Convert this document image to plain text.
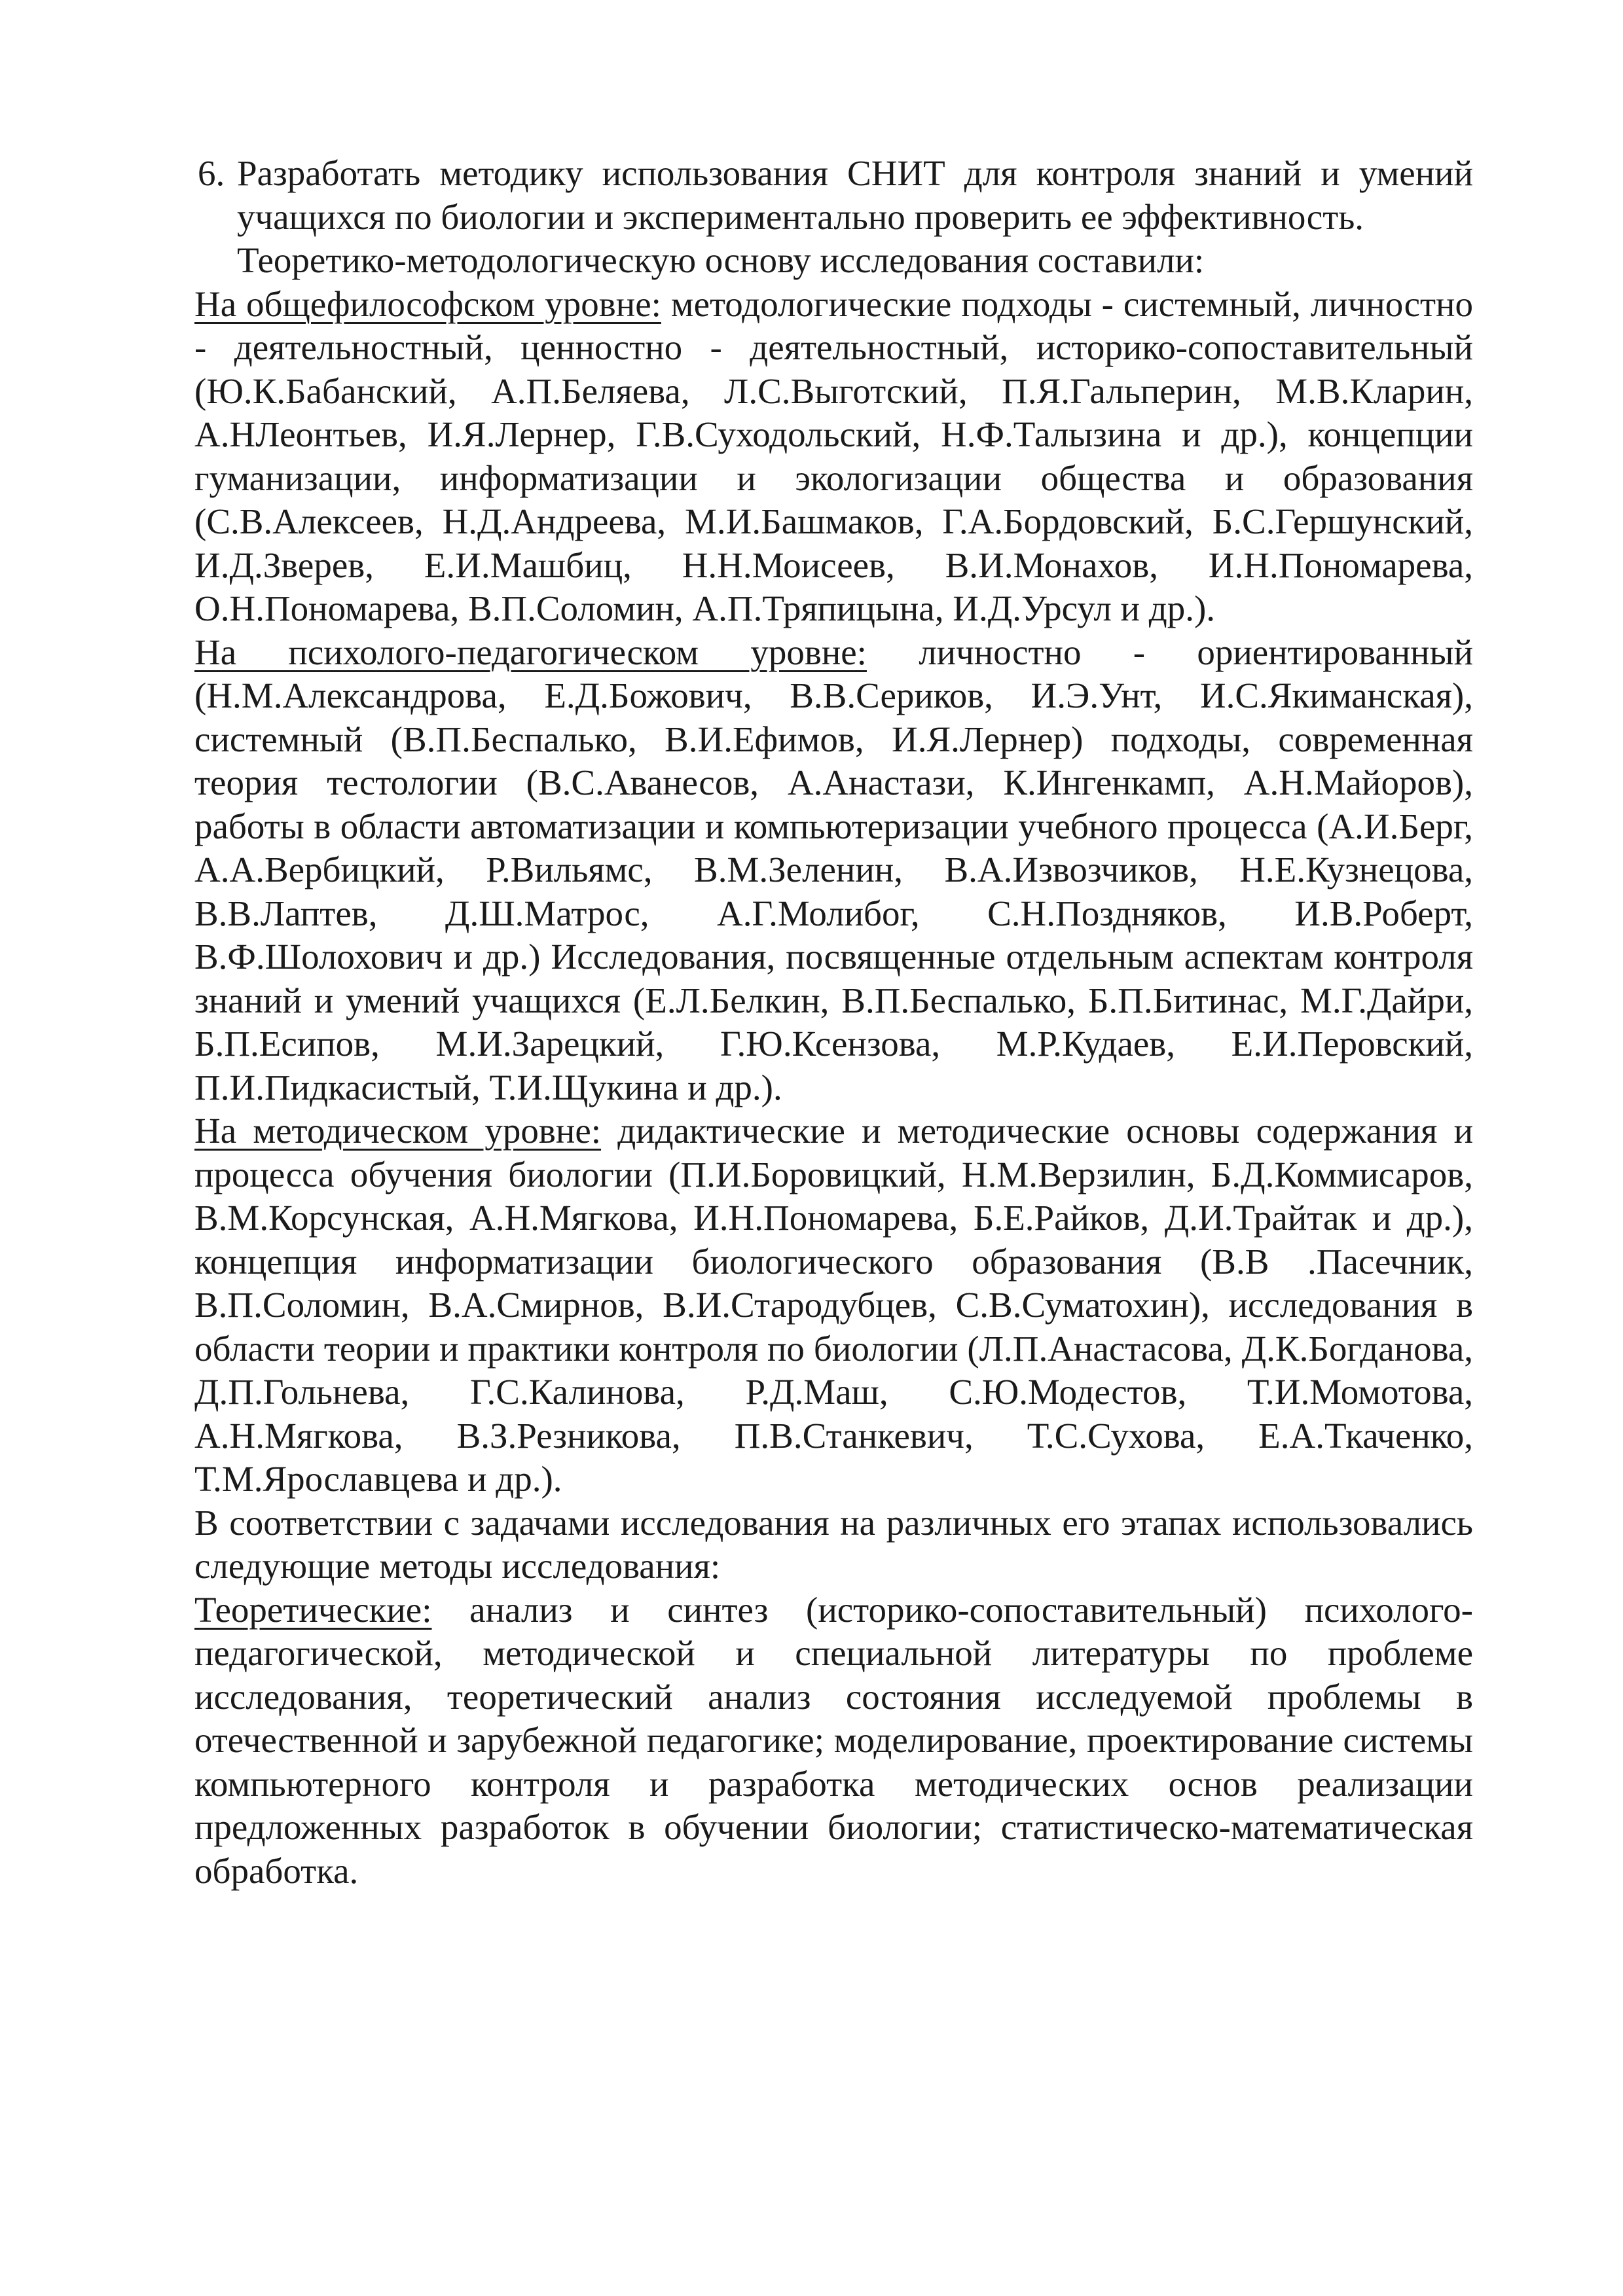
6. Разработать методику использования СНИТ для контроля знаний и умений учащихся по биологии и экспериментально проверить ее эффективность.

Теоретико-методологическую основу исследования составили:

На общефилософском уровне: методологические подходы - системный, личностно - деятельностный, ценностно - деятельностный, историко-сопоставительный (Ю.К.Бабанский, А.П.Беляева, Л.С.Выготский, П.Я.Гальперин, М.В.Кларин, А.НЛеонтьев, И.Я.Лернер, Г.В.Суходольский, Н.Ф.Талызина и др.), концепции гуманизации, информатизации и экологизации общества и образования (С.В.Алексеев, Н.Д.Андреева, М.И.Башмаков, Г.А.Бордовский, Б.С.Гершунский, И.Д.Зверев, Е.И.Машбиц, Н.Н.Моисеев, В.И.Монахов, И.Н.Пономарева, О.Н.Пономарева, В.П.Соломин, А.П.Тряпицына, И.Д.Урсул и др.).

На психолого-педагогическом уровне: личностно - ориентированный (Н.М.Александрова, Е.Д.Божович, В.В.Сериков, И.Э.Унт, И.С.Якиманская), системный (В.П.Беспалько, В.И.Ефимов, И.Я.Лернер) подходы, современная теория тестологии (В.С.Аванесов, А.Анастази, К.Ингенкамп, А.Н.Майоров), работы в области автоматизации и компьютеризации учебного процесса (А.И.Берг, А.А.Вербицкий, Р.Вильямс, В.М.Зеленин, В.А.Извозчиков, Н.Е.Кузнецова, В.В.Лаптев, Д.Ш.Матрос, А.Г.Молибог, С.Н.Поздняков, И.В.Роберт, В.Ф.Шолохович и др.) Исследования, посвященные отдельным аспектам контроля знаний и умений учащихся (Е.Л.Белкин, В.П.Беспалько, Б.П.Битинас, М.Г.Дайри, Б.П.Есипов, М.И.Зарецкий, Г.Ю.Ксензова, М.Р.Кудаев, Е.И.Перовский, П.И.Пидкасистый, Т.И.Щукина и др.).

На методическом уровне: дидактические и методические основы содержания и процесса обучения биологии (П.И.Боровицкий, Н.М.Верзилин, Б.Д.Коммисаров, В.М.Корсунская, А.Н.Мягкова, И.Н.Пономарева, Б.Е.Райков, Д.И.Трайтак и др.), концепция информатизации биологического образования (В.В .Пасечник, В.П.Соломин, В.А.Смирнов, В.И.Стародубцев, С.В.Суматохин), исследования в области теории и практики контроля по биологии (Л.П.Анастасова, Д.К.Богданова, Д.П.Гольнева, Г.С.Калинова, Р.Д.Маш, С.Ю.Модестов, Т.И.Момотова, А.Н.Мягкова, В.З.Резникова, П.В.Станкевич, Т.С.Сухова, Е.А.Ткаченко, Т.М.Ярославцева и др.).

В соответствии с задачами исследования на различных его этапах использовались следующие методы исследования:

Теоретические: анализ и синтез (историко-сопоставительный) психолого-педагогической, методической и специальной литературы по проблеме исследования, теоретический анализ состояния исследуемой проблемы в отечественной и зарубежной педагогике; моделирование, проектирование системы компьютерного контроля и разработка методических основ реализации предложенных разработок в обучении биологии; статистическо-математическая обработка.
